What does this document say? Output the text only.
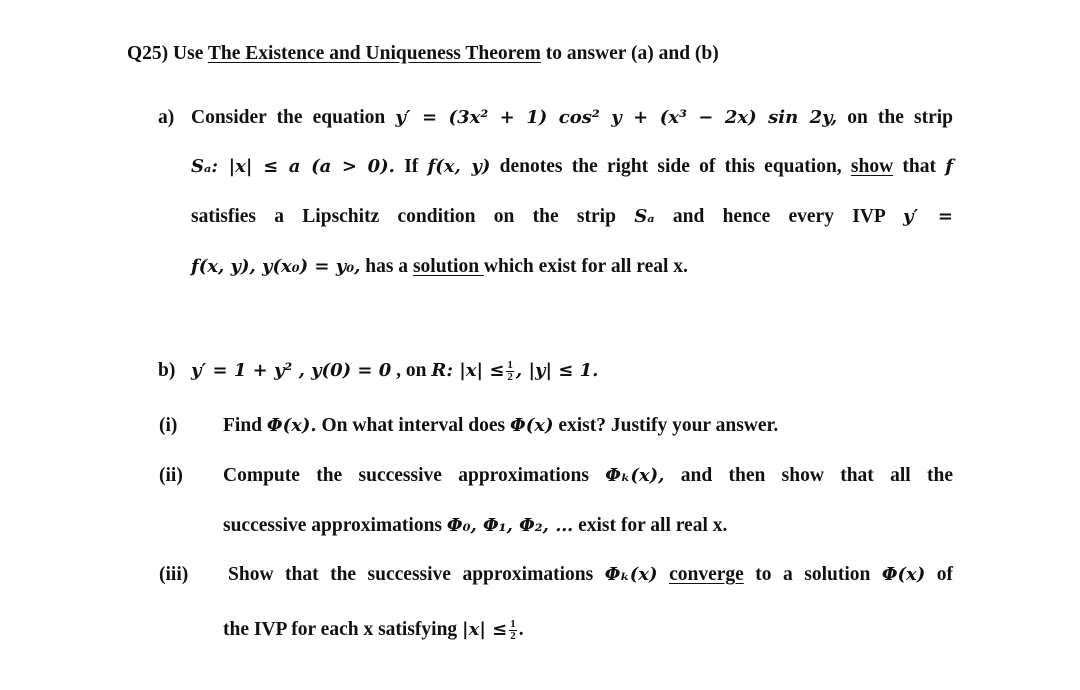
Q25) Use The Existence and Uniqueness Theorem to answer (a) and (b)
a) Consider the equation y′ = (3x² + 1) cos² y + (x³ − 2x) sin 2y, on the strip
Sₐ: |x| ≤ a (a > 0). If f(x, y) denotes the right side of this equation, show that f
satisfies a Lipschitz condition on the strip Sₐ and hence every IVP y′ =
f(x, y), y(x₀) = y₀, has a solution which exist for all real x.
b) y′ = 1 + y² , y(0) = 0 , on R: $|x| \le \frac{1}{2}$ , |y| ≤ 1.
(i) Find Φ(x). On what interval does Φ(x) exist? Justify your answer.
(ii) Compute the successive approximations Φₖ(x), and then show that all the
successive approximations Φ₀, Φ₁, Φ₂, … exist for all real x.
(iii) Show that the successive approximations Φₖ(x) converge to a solution Φ(x) of
the IVP for each x satisfying $|x| \le \frac{1}{2}$ .
